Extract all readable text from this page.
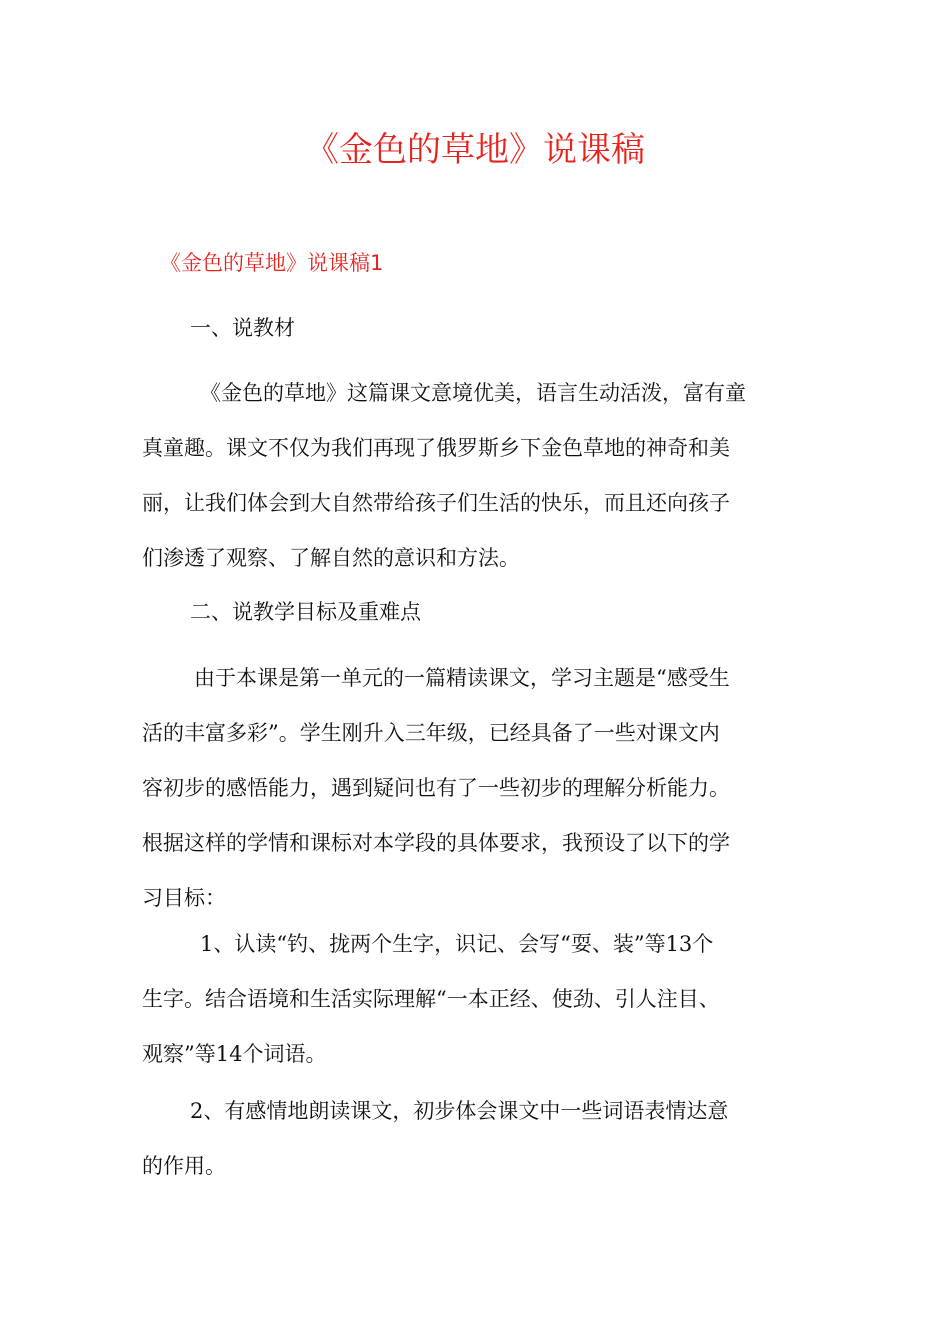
《金色的草地》说课稿
《金色的草地》说课稿1

一、说教材

《金色的草地》这篇课文意境优美，语言生动活泼，富有童
真童趣。课文不仅为我们再现了俄罗斯乡下金色草地的神奇和美
丽，让我们体会到大自然带给孩子们生活的快乐，而且还向孩子
们渗透了观察、了解自然的意识和方法。

二、说教学目标及重难点

由于本课是第一单元的一篇精读课文，学习主题是“感受生
活的丰富多彩”。学生刚升入三年级，已经具备了一些对课文内
容初步的感悟能力，遇到疑问也有了一些初步的理解分析能力。
根据这样的学情和课标对本学段的具体要求，我预设了以下的学
习目标：

1、认读“钓、拢两个生字，识记、会写“耍、装”等13个
生字。结合语境和生活实际理解“一本正经、使劲、引人注目、
观察”等14个词语。

2、有感情地朗读课文，初步体会课文中一些词语表情达意
的作用。
